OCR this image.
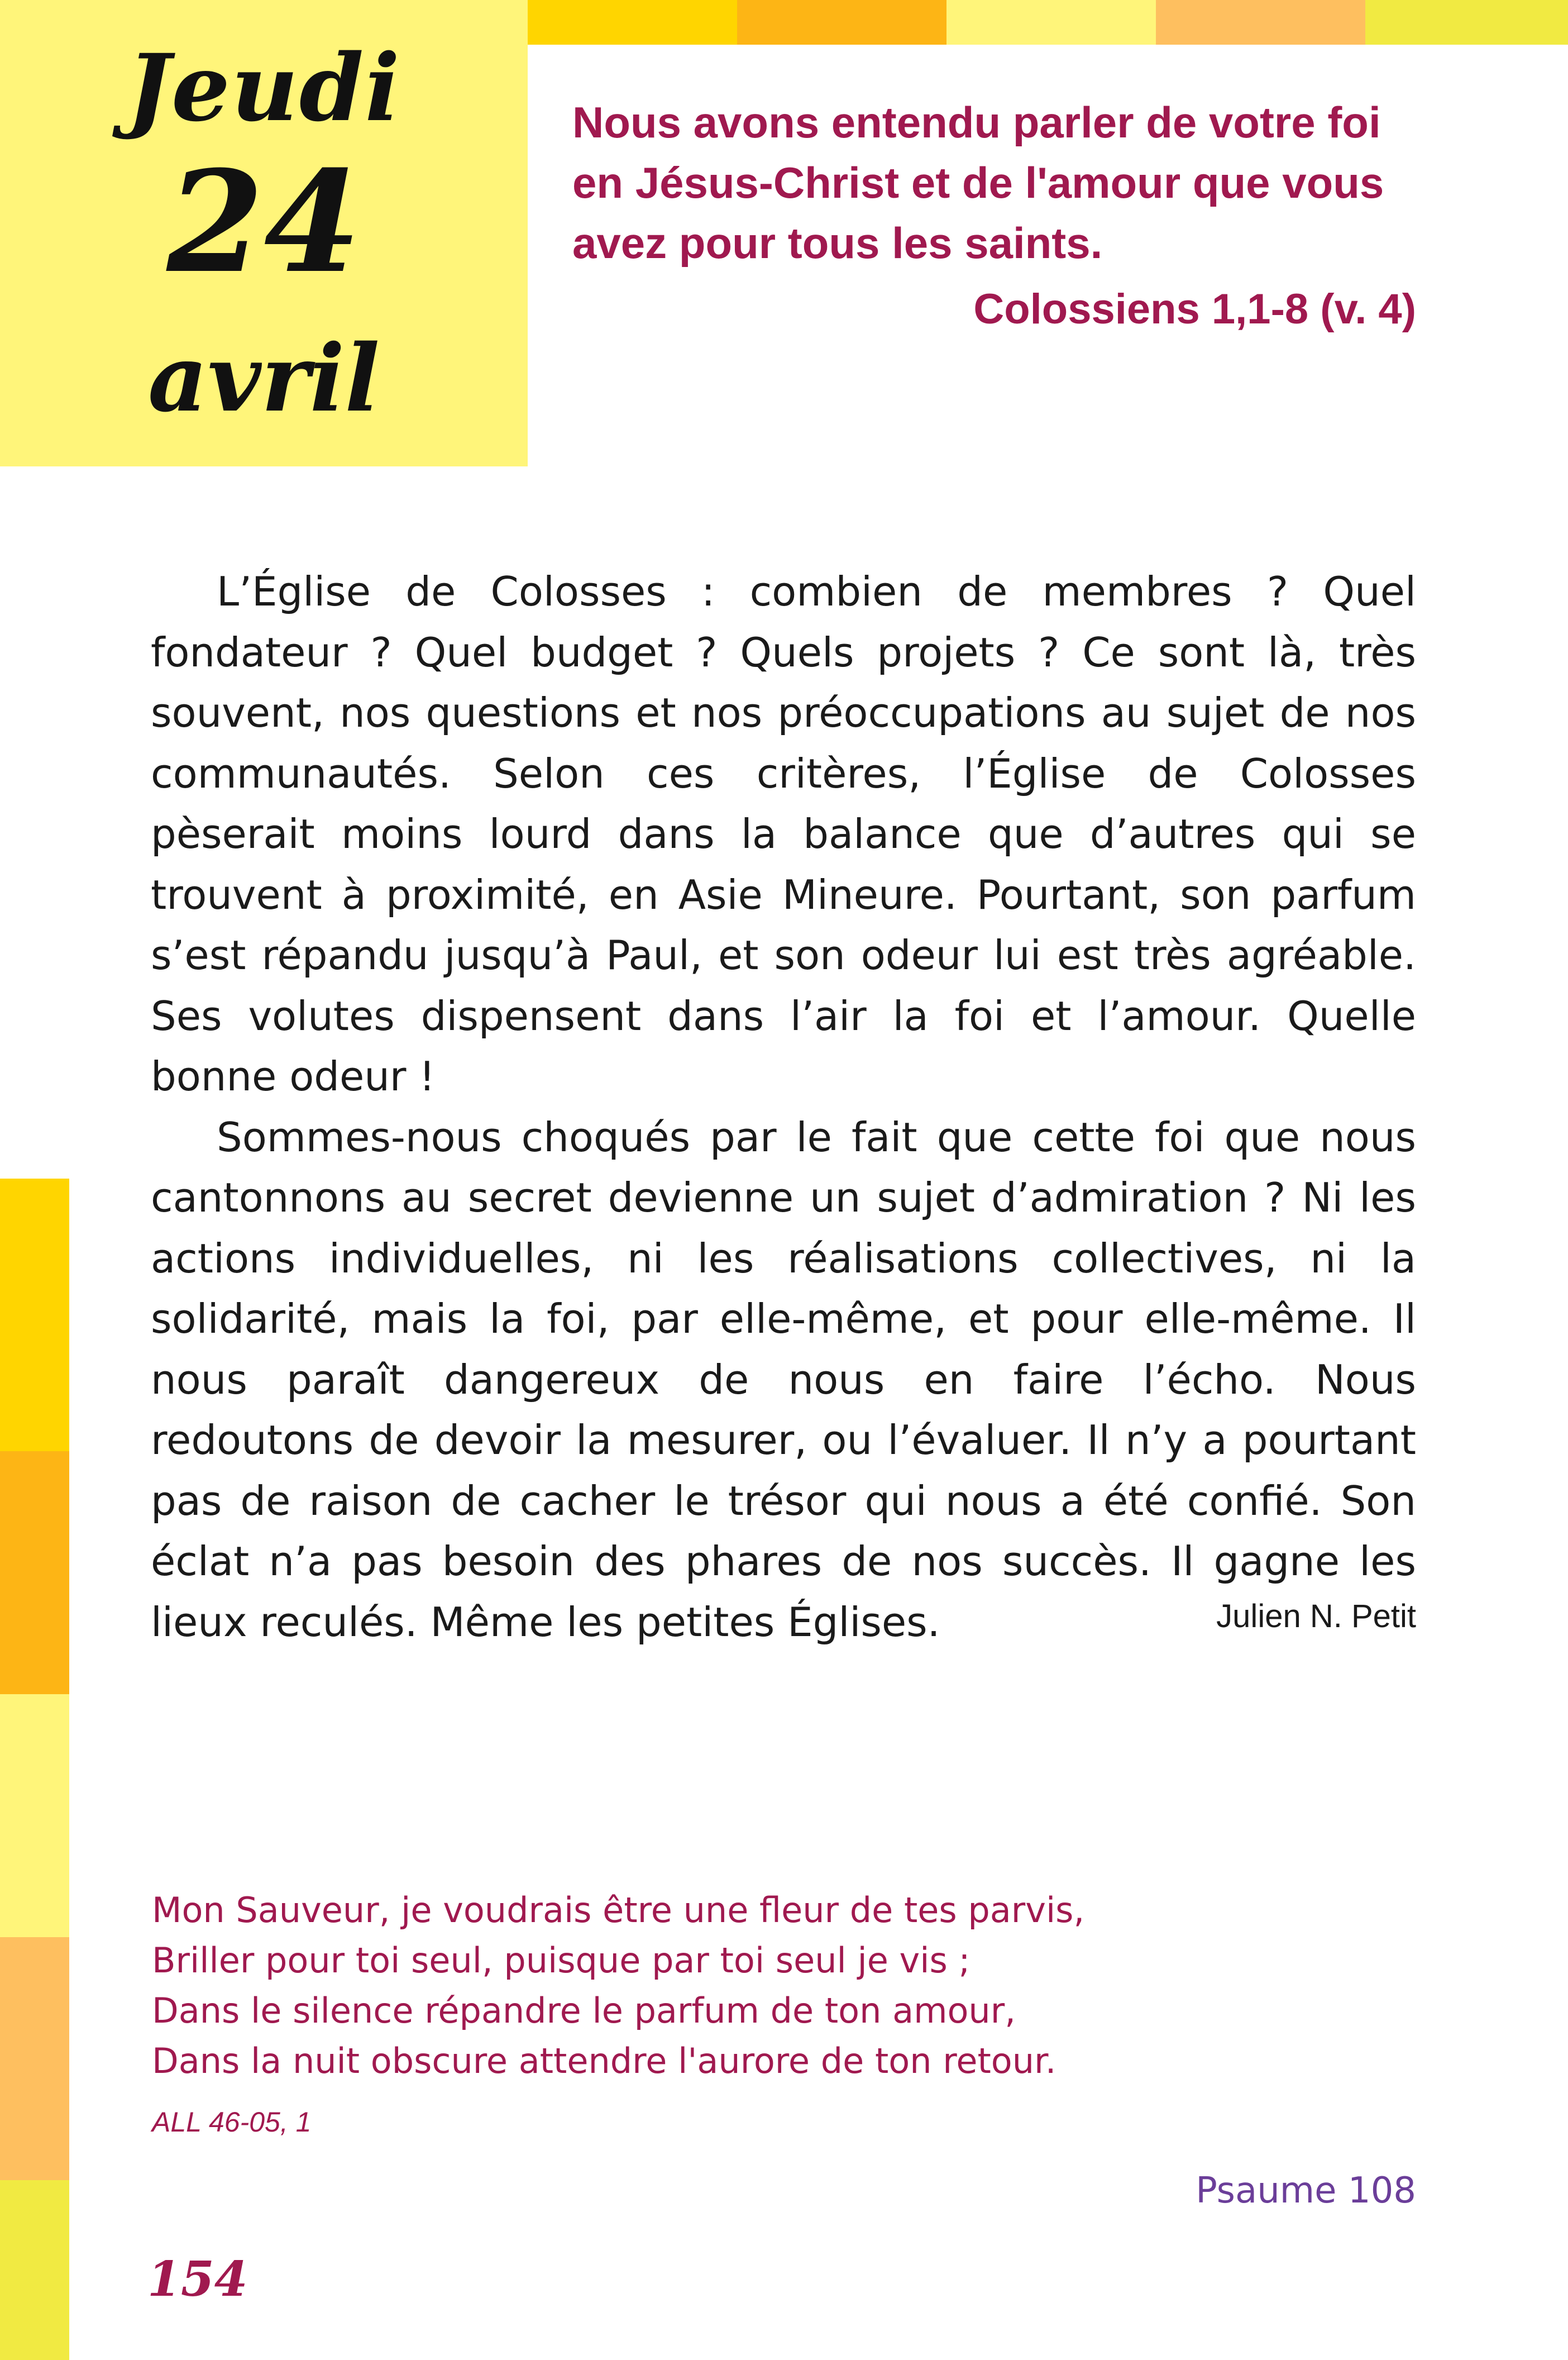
Jeudi

24

avril

Nous avons entendu parler de votre foi en Jésus-Christ et de l'amour que vous avez pour tous les saints.

Colossiens 1,1-8 (v. 4)

L’Église de Colosses : combien de membres ? Quel fondateur ? Quel budget ? Quels projets ? Ce sont là, très souvent, nos questions et nos préoccupations au sujet de nos communautés. Selon ces critères, l’Église de Colosses pèserait moins lourd dans la balance que d’autres qui se trouvent à proximité, en Asie Mineure. Pourtant, son parfum s’est répandu jusqu’à Paul, et son odeur lui est très agréable. Ses volutes dispensent dans l’air la foi et l’amour. Quelle bonne odeur !

Sommes-nous choqués par le fait que cette foi que nous cantonnons au secret devienne un sujet d’admiration ? Ni les actions individuelles, ni les réalisations collectives, ni la solidarité, mais la foi, par elle-même, et pour elle-même. Il nous paraît dangereux de nous en faire l’écho. Nous redoutons de devoir la mesurer, ou l’évaluer. Il n’y a pourtant pas de raison de cacher le trésor qui nous a été confié. Son éclat n’a pas besoin des phares de nos succès. Il gagne les lieux reculés. Même les petites Églises.	Julien N. Petit

Mon Sauveur, je voudrais être une fleur de tes parvis,
Briller pour toi seul, puisque par toi seul je vis ;
Dans le silence répandre le parfum de ton amour,
Dans la nuit obscure attendre l'aurore de ton retour.

ALL 46-05, 1

Psaume 108

154
